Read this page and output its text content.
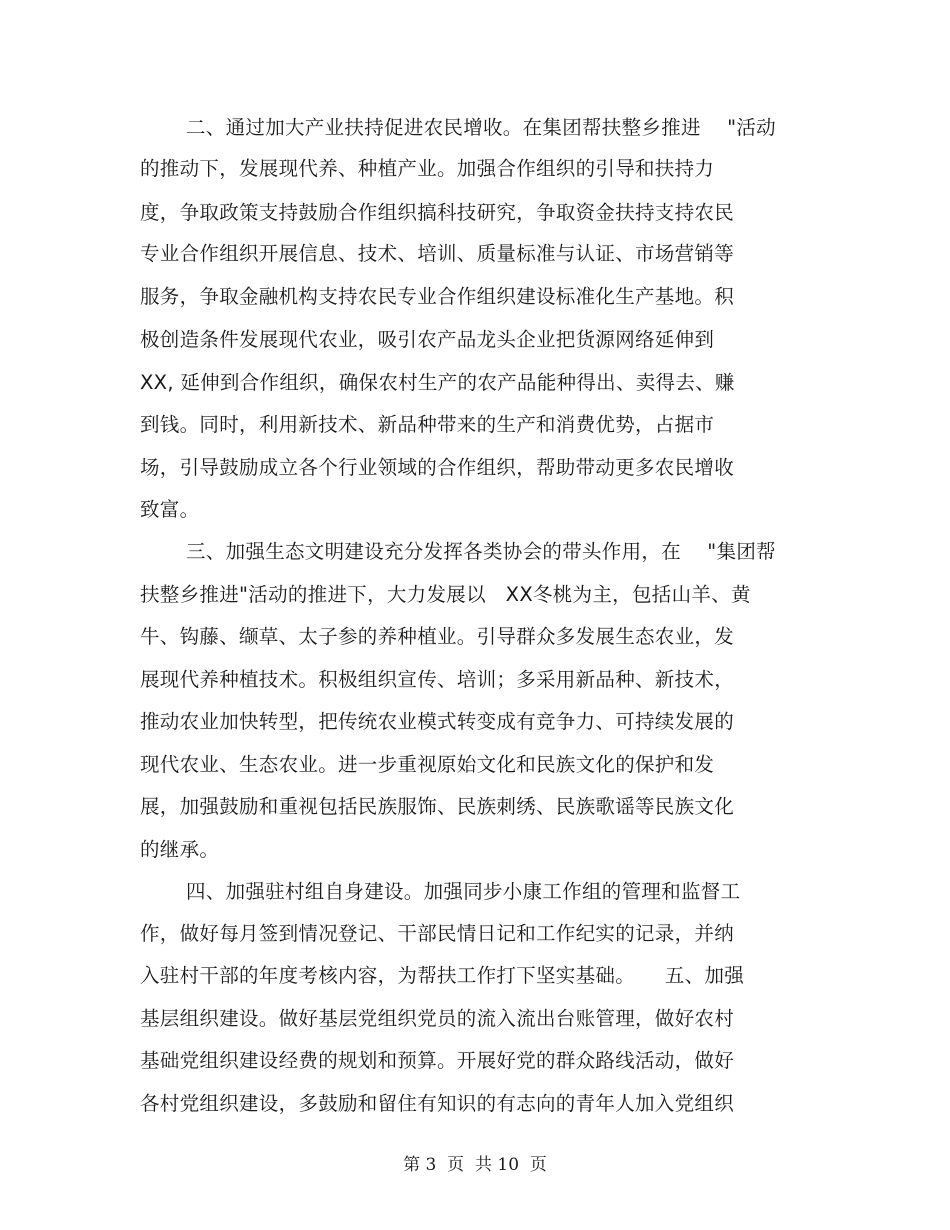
二、通过加大产业扶持促进农民增收。在集团帮扶整乡推进　 "活动
的推动下，发展现代养、种植产业。加强合作组织的引导和扶持力
度，争取政策支持鼓励合作组织搞科技研究，争取资金扶持支持农民
专业合作组织开展信息、技术、培训、质量标准与认证、市场营销等
服务，争取金融机构支持农民专业合作组织建设标准化生产基地。积
极创造条件发展现代农业，吸引农产品龙头企业把货源网络延伸到
XX, 延伸到合作组织，确保农村生产的农产品能种得出、卖得去、赚
到钱。同时，利用新技术、新品种带来的生产和消费优势，占据市
场，引导鼓励成立各个行业领域的合作组织，帮助带动更多农民增收
致富。
三、加强生态文明建设充分发挥各类协会的带头作用，在　 "集团帮
扶整乡推进"活动的推进下，大力发展以　XX冬桃为主，包括山羊、黄
牛、钩藤、缬草、太子参的养种植业。引导群众多发展生态农业，发
展现代养种植技术。积极组织宣传、培训；多采用新品种、新技术，
推动农业加快转型，把传统农业模式转变成有竞争力、可持续发展的
现代农业、生态农业。进一步重视原始文化和民族文化的保护和发
展，加强鼓励和重视包括民族服饰、民族刺绣、民族歌谣等民族文化
的继承。
四、加强驻村组自身建设。加强同步小康工作组的管理和监督工
作，做好每月签到情况登记、干部民情日记和工作纪实的记录，并纳
入驻村干部的年度考核内容，为帮扶工作打下坚实基础。　　五、加强
基层组织建设。做好基层党组织党员的流入流出台账管理，做好农村
基础党组织建设经费的规划和预算。开展好党的群众路线活动，做好
各村党组织建设，多鼓励和留住有知识的有志向的青年人加入党组织
第 3  页  共 10  页
